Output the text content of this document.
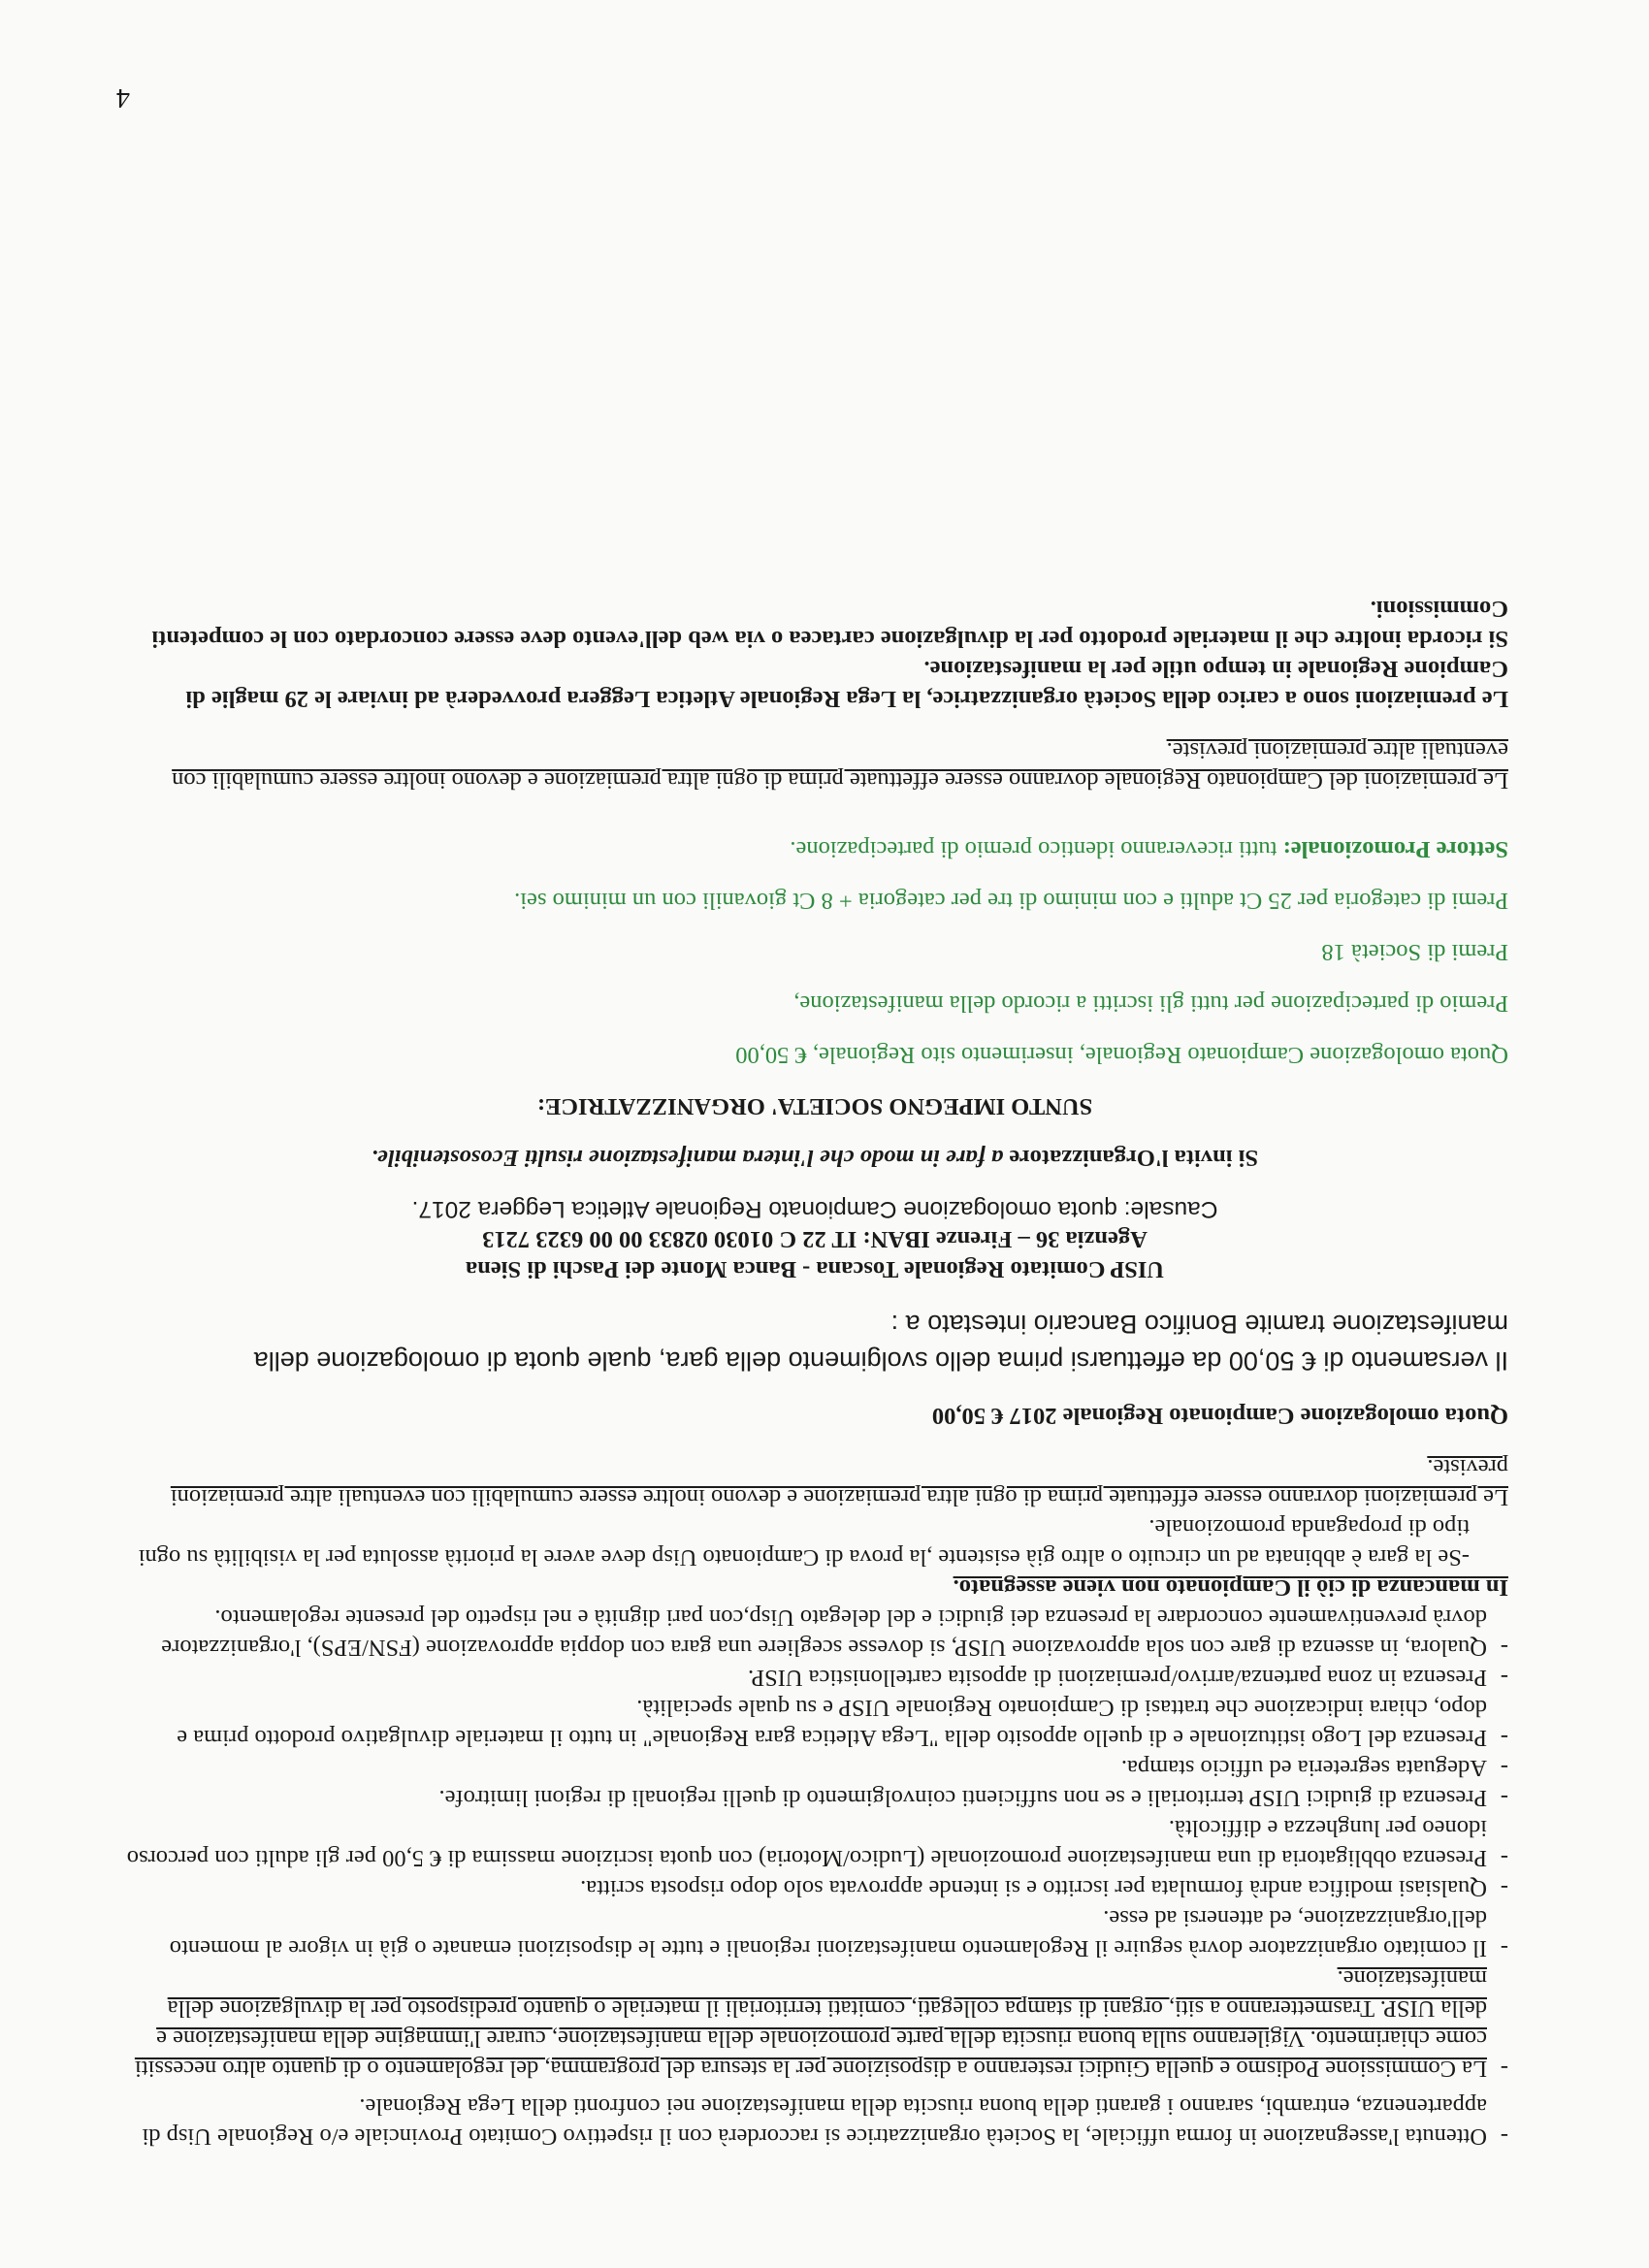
-
Ottenuta l'assegnazione in forma ufficiale, la Società organizzatrice si raccorderà con il rispettivo Comitato Provinciale e/o Regionale Uisp di appartenenza, entrambi, saranno i garanti della buona riuscita della manifestazione nei confronti della Lega Regionale.
-
La Commissione Podismo e quella Giudici resteranno a disposizione per la stesura del programma, del regolamento o di quanto altro necessiti come chiarimento. Vigileranno sulla buona riuscita della parte promozionale della manifestazione, curare l'immagine della manifestazione e della UISP. Trasmetteranno a siti, organi di stampa collegati, comitati territoriali il materiale o quanto predisposto per la divulgazione della manifestazione.
-
Il comitato organizzatore dovrà seguire il Regolamento manifestazioni regionali e tutte le disposizioni emanate o già in vigore al momento dell'organizzazione, ed attenersi ad esse.
-
Qualsiasi modifica andrà formulata per iscritto e si intende approvata solo dopo risposta scritta.
-
Presenza obbligatoria di una manifestazione promozionale (Ludico/Motoria) con quota iscrizione massima di € 5,00 per gli adulti con percorso idoneo per lunghezza e difficoltà.
-
Presenza di giudici UISP territoriali e se non sufficienti coinvolgimento di quelli regionali di regioni limitrofe.
-
Adeguata segreteria ed ufficio stampa.
-
Presenza del Logo istituzionale e di quello apposito della "Lega Atletica gara Regionale" in tutto il materiale divulgativo prodotto prima e dopo, chiara indicazione che trattasi di Campionato Regionale UISP e su quale specialità.
-
Presenza in zona partenza/arrivo/premiazioni di apposita cartellonistica UISP.
-
Qualora, in assenza di gare con sola approvazione UISP, si dovesse scegliere una gara con doppia approvazione (FSN/EPS), l'organizzatore dovrà preventivamente concordare la presenza dei giudici e del delegato Uisp,con pari dignità e nel rispetto del presente regolamento.

In mancanza di ciò il Campionato non viene assegnato.

-Se la gara è abbinata ad un circuito o altro già esistente ,la prova di Campionato Uisp deve avere la priorità assoluta per la visibilità su ogni tipo di propaganda promozionale.

Le premiazioni dovranno essere effettuate prima di ogni altra premiazione e devono inoltre essere cumulabili con eventuali altre premiazioni previste.

Quota omologazione Campionato Regionale 2017 € 50,00

Il versamento di € 50,00 da effettuarsi prima dello svolgimento della gara, quale quota di omologazione della manifestazione tramite Bonifico Bancario intestato a :

UISP Comitato Regionale Toscana - Banca Monte dei Paschi di Siena

Agenzia 36 – Firenze IBAN: IT 22 C 01030 02833 00 00 6323 7213

Causale: quota omologazione Campionato Regionale Atletica Leggera 2017.

Si invita l'Organizzatore a fare in modo che l'intera manifestazione risulti Ecosostenibile.

SUNTO IMPEGNO SOCIETA' ORGANIZZATRICE:

Quota omologazione Campionato Regionale, inserimento sito Regionale, € 50,00

Premio di partecipazione per tutti gli iscritti a ricordo della manifestazione,

Premi di Società 18

Premi di categoria per 25 Ct adulti e con minimo di tre per categoria + 8 Ct giovanili con un minimo sei.

Settore Promozionale: tutti riceveranno identico premio di partecipazione.

Le premiazioni del Campionato Regionale dovranno essere effettuate prima di ogni altra premiazione e devono inoltre essere cumulabili con eventuali altre premiazioni previste.

Le premiazioni sono a carico della Società organizzatrice, la Lega Regionale Atletica Leggera provvederà ad inviare le 29 maglie di Campione Regionale in tempo utile per la manifestazione.

Si ricorda inoltre che il materiale prodotto per la divulgazione cartacea o via web dell'evento deve essere concordato con le competenti Commissioni.

4
